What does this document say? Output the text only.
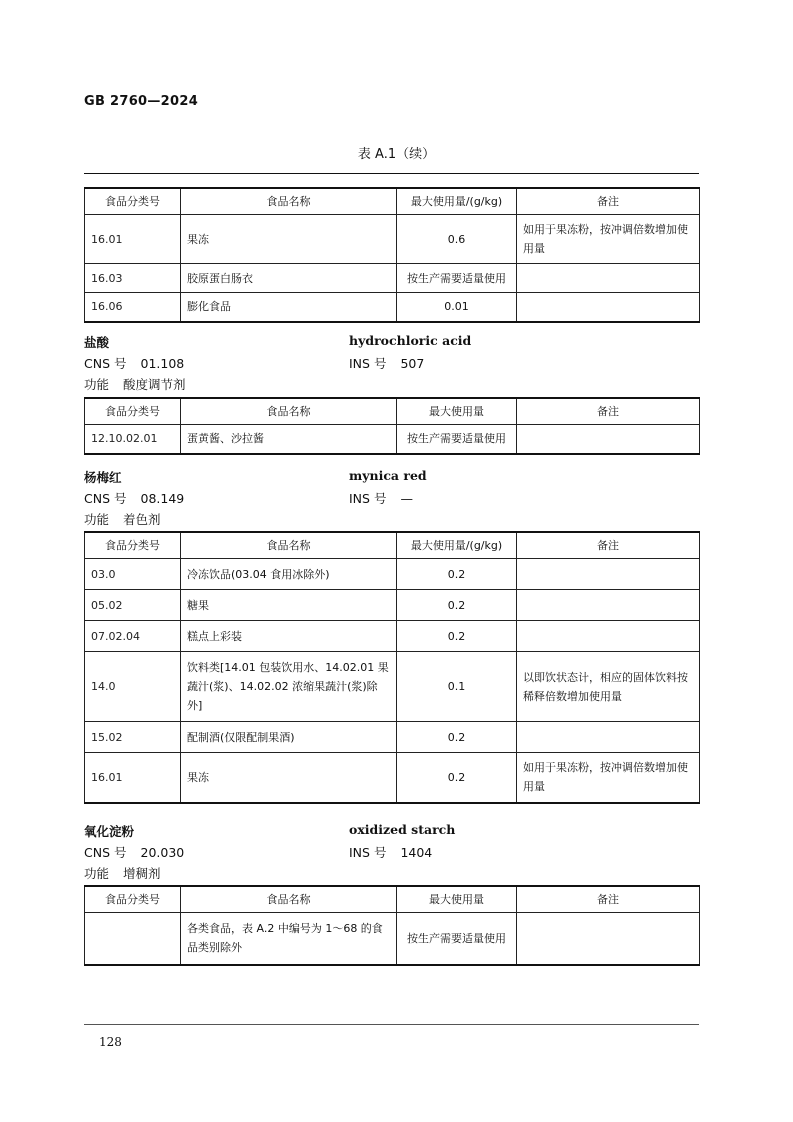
GB 2760—2024
表 A.1（续）
食品分类号	食品名称	最大使用量/(g/kg)	备注
16.01	果冻	0.6	如用于果冻粉，按冲调倍数增加使用量
16.03	胶原蛋白肠衣	按生产需要适量使用	
16.06	膨化食品	0.01	
盐酸	hydrochloric acid
CNS 号 01.108	INS 号 507
功能 酸度调节剂
食品分类号	食品名称	最大使用量	备注
12.10.02.01	蛋黄酱、沙拉酱	按生产需要适量使用	
杨梅红	mynica red
CNS 号 08.149	INS 号 —
功能 着色剂
食品分类号	食品名称	最大使用量/(g/kg)	备注
03.0	冷冻饮品(03.04 食用冰除外)	0.2	
05.02	糖果	0.2	
07.02.04	糕点上彩装	0.2	
14.0	饮料类[14.01 包装饮用水、14.02.01 果蔬汁(浆)、14.02.02 浓缩果蔬汁(浆)除外]	0.1	以即饮状态计，相应的固体饮料按稀释倍数增加使用量
15.02	配制酒(仅限配制果酒)	0.2	
16.01	果冻	0.2	如用于果冻粉，按冲调倍数增加使用量
氧化淀粉	oxidized starch
CNS 号 20.030	INS 号 1404
功能 增稠剂
食品分类号	食品名称	最大使用量	备注
	各类食品，表 A.2 中编号为 1～68 的食品类别除外	按生产需要适量使用	
128
